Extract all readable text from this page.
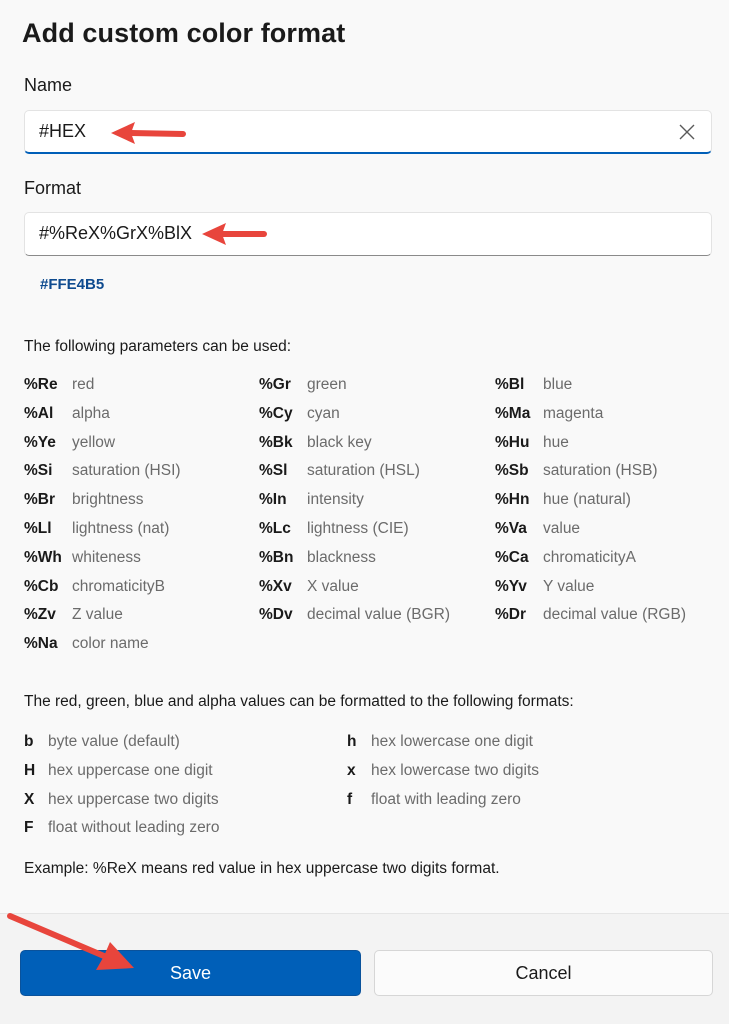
Add custom color format
Name
#HEX
Format
#%ReX%GrX%BlX
#FFE4B5
The following parameters can be used:
%Re red	%Gr green	%Bl blue
%Al alpha	%Cy cyan	%Ma magenta
%Ye yellow	%Bk black key	%Hu hue
%Si saturation (HSI)	%Sl saturation (HSL)	%Sb saturation (HSB)
%Br brightness	%In intensity	%Hn hue (natural)
%Ll lightness (nat)	%Lc lightness (CIE)	%Va value
%Wh whiteness	%Bn blackness	%Ca chromaticityA
%Cb chromaticityB	%Xv X value	%Yv Y value
%Zv Z value	%Dv decimal value (BGR)	%Dr decimal value (RGB)
%Na color name
The red, green, blue and alpha values can be formatted to the following formats:
b byte value (default)	h hex lowercase one digit
H hex uppercase one digit	x hex lowercase two digits
X hex uppercase two digits	f float with leading zero
F float without leading zero
Example: %ReX means red value in hex uppercase two digits format.
Save	Cancel
